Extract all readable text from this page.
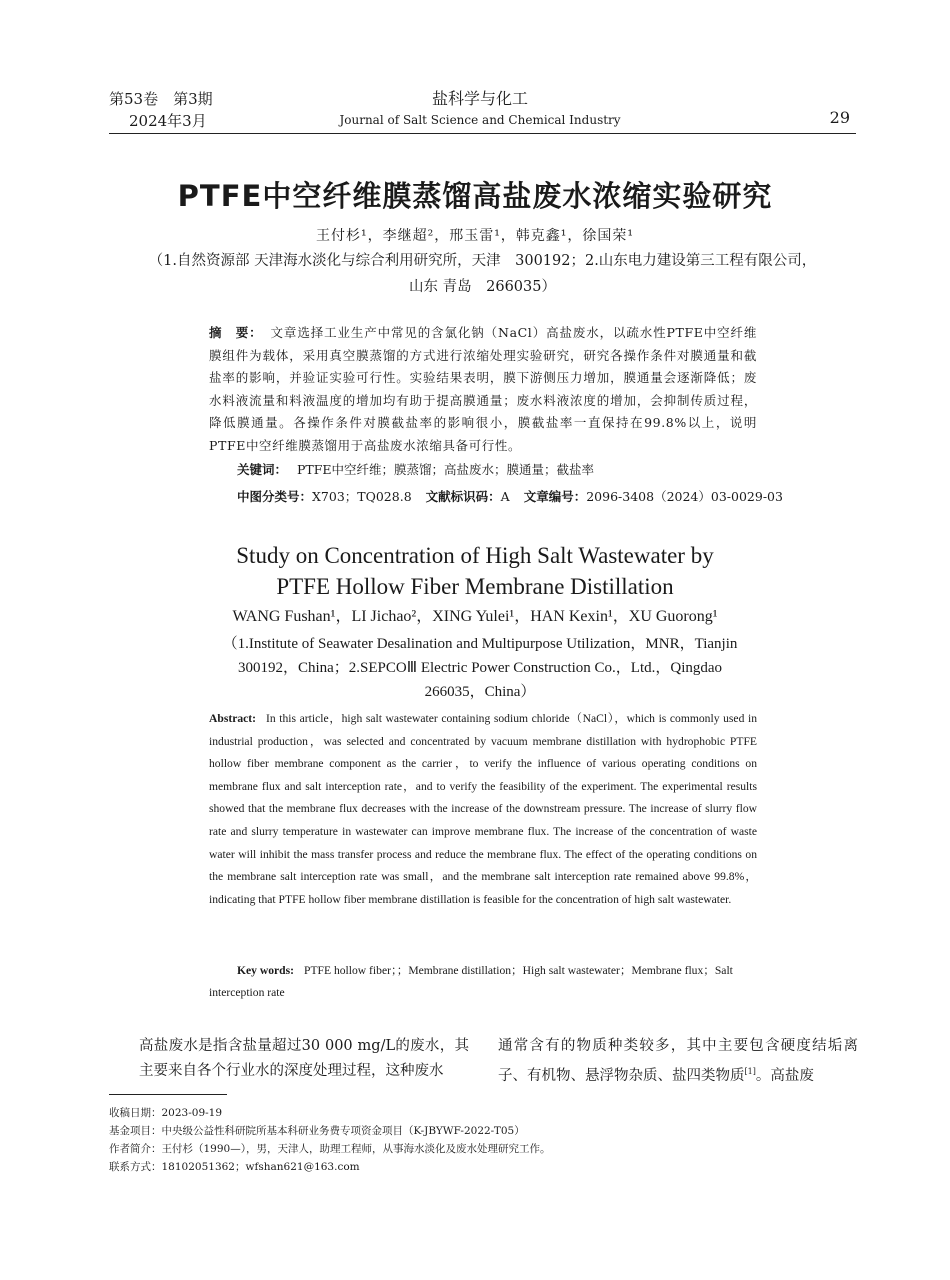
第53卷　第3期
2024年3月
盐科学与化工
Journal of Salt Science and Chemical Industry	29
PTFE中空纤维膜蒸馏高盐废水浓缩实验研究
王付杉¹，李继超²，邢玉雷¹，韩克鑫¹，徐国荣¹
（1.自然资源部 天津海水淡化与综合利用研究所，天津　300192；2.山东电力建设第三工程有限公司，
山东 青岛　266035）
摘　要： 文章选择工业生产中常见的含氯化钠（NaCl）高盐废水，以疏水性PTFE中空纤维膜组件为载体，采用真空膜蒸馏的方式进行浓缩处理实验研究，研究各操作条件对膜通量和截盐率的影响，并验证实验可行性。实验结果表明，膜下游侧压力增加，膜通量会逐渐降低；废水料液流量和料液温度的增加均有助于提高膜通量；废水料液浓度的增加，会抑制传质过程，降低膜通量。各操作条件对膜截盐率的影响很小，膜截盐率一直保持在99.8%以上，说明PTFE中空纤维膜蒸馏用于高盐废水浓缩具备可行性。
关键词： PTFE中空纤维；膜蒸馏；高盐废水；膜通量；截盐率
中图分类号：X703；TQ028.8 文献标识码：A 文章编号：2096-3408（2024）03-0029-03
Study on Concentration of High Salt Wastewater by
PTFE Hollow Fiber Membrane Distillation
WANG Fushan¹，LI Jichao²，XING Yulei¹，HAN Kexin¹，XU Guorong¹
（1.Institute of Seawater Desalination and Multipurpose Utilization，MNR，Tianjin
300192，China；2.SEPCOⅢ Electric Power Construction Co.，Ltd.，Qingdao
266035，China）
Abstract: In this article，high salt wastewater containing sodium chloride（NaCl），which is commonly used in industrial production，was selected and concentrated by vacuum membrane distillation with hydrophobic PTFE hollow fiber membrane component as the carrier，to verify the influence of various operating conditions on membrane flux and salt interception rate，and to verify the feasibility of the experiment. The experimental results showed that the membrane flux decreases with the increase of the downstream pressure. The increase of slurry flow rate and slurry temperature in wastewater can improve membrane flux. The increase of the concentration of waste water will inhibit the mass transfer process and reduce the membrane flux. The effect of the operating conditions on the membrane salt interception rate was small，and the membrane salt interception rate remained above 99.8%，indicating that PTFE hollow fiber membrane distillation is feasible for the concentration of high salt wastewater.
Key words: PTFE hollow fiber；；Membrane distillation；High salt wastewater；Membrane flux；Salt interception rate
高盐废水是指含盐量超过30 000 mg/L的废水，其主要来自各个行业水的深度处理过程，这种废水
通常含有的物质种类较多，其中主要包含硬度结垢离子、有机物、悬浮物杂质、盐四类物质[1]。高盐废
收稿日期：2023-09-19
基金项目：中央级公益性科研院所基本科研业务费专项资金项目（K-JBYWF-2022-T05）
作者简介：王付杉（1990—），男，天津人，助理工程师，从事海水淡化及废水处理研究工作。
联系方式：18102051362；wfshan621@163.com
